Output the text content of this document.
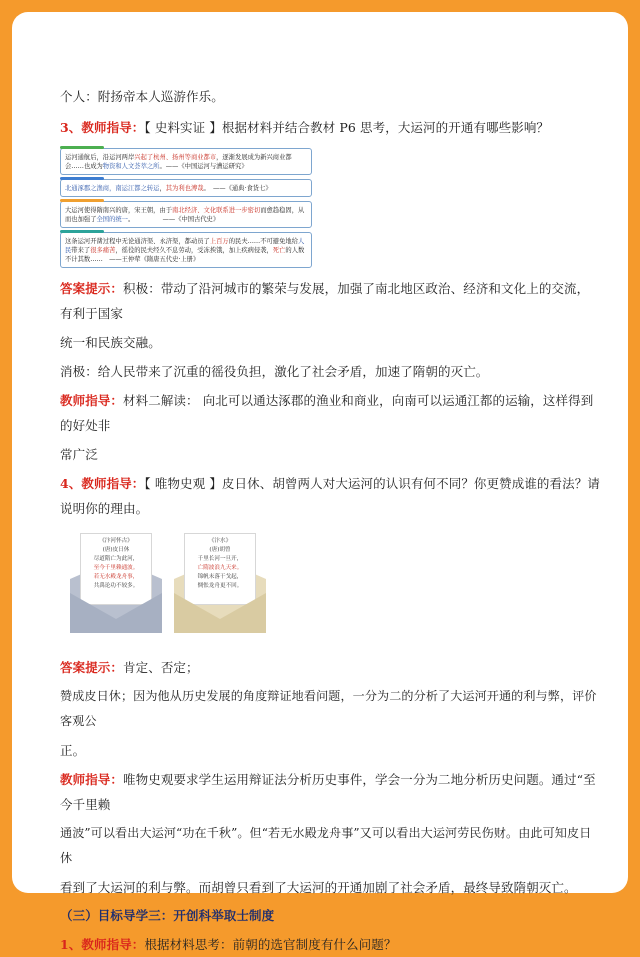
个人：附扬帝本人巡游作乐。

3、教师指导：【 史料实证 】根据材料并结合教材 P6 思考，大运河的开通有哪些影响？

运河通航后，沿运河两岸兴起了杭州、扬州等商业都市，逐渐发展成为新兴商业都会……也成为物资和人文荟萃之所。——《中国运河与漕运研究》
北通涿郡之渔商，南运江都之转运，其为利也溥哉。　——《通典·食货七》
大运河使得隋南兴的唐，宋王朝，由于南北经济、文化联系进一步密切而愈趋稳固，从而也加强了全国的统一。　　　　　——《中国古代史》
这条运河开凿过程中无论通济渠、永济渠，都动员了上百万的民夫……不可避免地给人民带来了很多痛苦，徭役的民夫经久不息劳动，受冻挨饿，加上疾病侵袭，死亡的人数不计其数……　——王仲荦《隋唐五代史·上册》

答案提示：积极：带动了沿河城市的繁荣与发展，加强了南北地区政治、经济和文化上的交流，有利于国家

统一和民族交融。

消极：给人民带来了沉重的徭役负担，激化了社会矛盾，加速了隋朝的灭亡。

教师指导：材料二解读： 向北可以通达涿郡的渔业和商业，向南可以运通江都的运输，这样得到的好处非

常广泛

4、教师指导：【 唯物史观 】皮日休、胡曾两人对大运河的认识有何不同？你更赞成谁的看法？请说明你的理由。

《汴河怀古》
(唐)皮日休
尽道隋亡为此河，
至今千里赖通波。
若无水殿龙舟事，
共禹论功不较多。
《汴水》
(唐)胡曾
千里长河一旦开，
亡隋波浪九天来。
锦帆未落干戈起，
惆怅龙舟更不回。

答案提示：肯定、否定；

赞成皮日休；因为他从历史发展的角度辩证地看问题，一分为二的分析了大运河开通的利与弊，评价客观公

正。

教师指导：唯物史观要求学生运用辩证法分析历史事件，学会一分为二地分析历史问题。通过“至今千里赖

通波”可以看出大运河“功在千秋”。但“若无水殿龙舟事”又可以看出大运河劳民伤财。由此可知皮日休

看到了大运河的利与弊。而胡曾只看到了大运河的开通加剧了社会矛盾，最终导致隋朝灭亡。

（三）目标导学三：开创科举取士制度

1、教师指导：根据材料思考：前朝的选官制度有什么问题？
